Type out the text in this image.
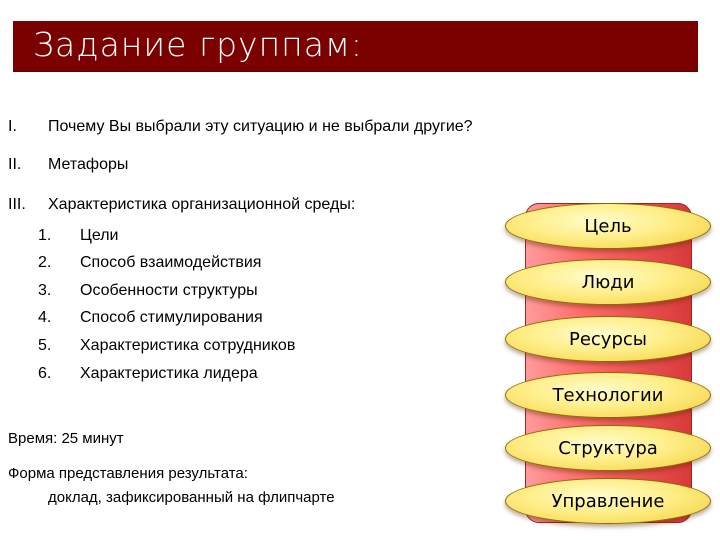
Задание группам:
I. Почему Вы выбрали эту ситуацию и не выбрали другие?
II. Метафоры
III. Характеристика организационной среды:
1. Цели
2. Способ взаимодействия
3. Особенности структуры
4. Способ стимулирования
5. Характеристика сотрудников
6. Характеристика лидера
Время: 25 минут
Форма представления результата:
доклад, зафиксированный на флипчарте
Цель
Люди
Ресурсы
Технологии
Структура
Управление
